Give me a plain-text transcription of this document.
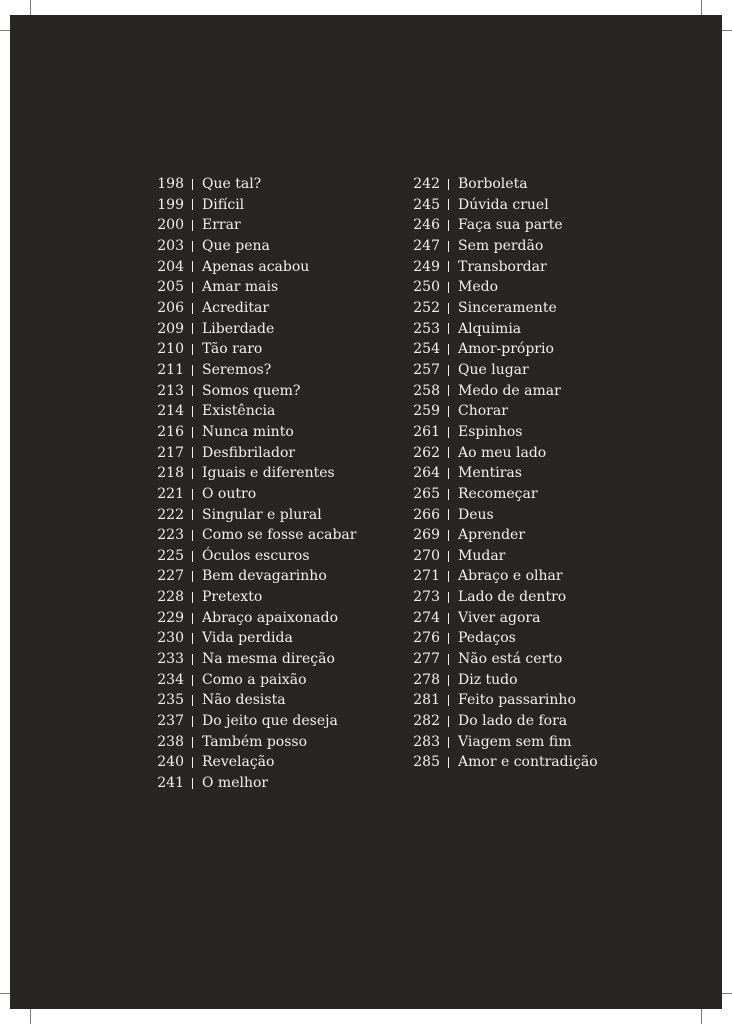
198 Que tal?
199 Difícil
200 Errar
203 Que pena
204 Apenas acabou
205 Amar mais
206 Acreditar
209 Liberdade
210 Tão raro
211 Seremos?
213 Somos quem?
214 Existência
216 Nunca minto
217 Desfibrilador
218 Iguais e diferentes
221 O outro
222 Singular e plural
223 Como se fosse acabar
225 Óculos escuros
227 Bem devagarinho
228 Pretexto
229 Abraço apaixonado
230 Vida perdida
233 Na mesma direção
234 Como a paixão
235 Não desista
237 Do jeito que deseja
238 Também posso
240 Revelação
241 O melhor
242 Borboleta
245 Dúvida cruel
246 Faça sua parte
247 Sem perdão
249 Transbordar
250 Medo
252 Sinceramente
253 Alquimia
254 Amor-próprio
257 Que lugar
258 Medo de amar
259 Chorar
261 Espinhos
262 Ao meu lado
264 Mentiras
265 Recomeçar
266 Deus
269 Aprender
270 Mudar
271 Abraço e olhar
273 Lado de dentro
274 Viver agora
276 Pedaços
277 Não está certo
278 Diz tudo
281 Feito passarinho
282 Do lado de fora
283 Viagem sem fim
285 Amor e contradição
